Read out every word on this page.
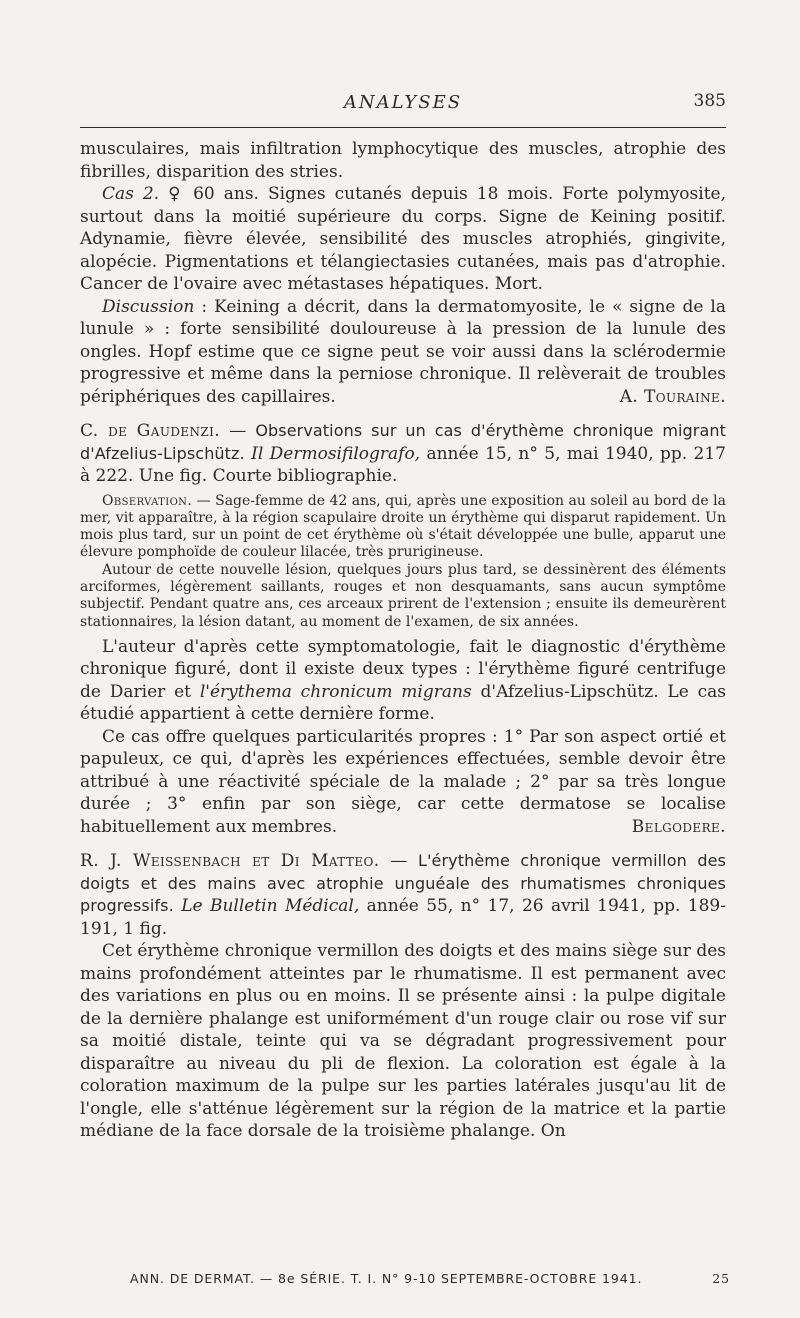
ANALYSES	385

musculaires, mais infiltration lymphocytique des muscles, atrophie des fibrilles, disparition des stries.

Cas 2. ♀ 60 ans. Signes cutanés depuis 18 mois. Forte polymyosite, surtout dans la moitié supérieure du corps. Signe de Keining positif. Adynamie, fièvre élevée, sensibilité des muscles atrophiés, gingivite, alopécie. Pigmentations et télangiectasies cutanées, mais pas d'atrophie. Cancer de l'ovaire avec métastases hépatiques. Mort.

Discussion : Keining a décrit, dans la dermatomyosite, le « signe de la lunule » : forte sensibilité douloureuse à la pression de la lunule des ongles. Hopf estime que ce signe peut se voir aussi dans la sclérodermie progressive et même dans la perniose chronique. Il relèverait de troubles périphériques des capillaires.	A. Touraine.

C. de Gaudenzi. — Observations sur un cas d'érythème chronique migrant d'Afzelius-Lipschütz. Il Dermosifilografo, année 15, n° 5, mai 1940, pp. 217 à 222. Une fig. Courte bibliographie.

Observation. — Sage-femme de 42 ans, qui, après une exposition au soleil au bord de la mer, vit apparaître, à la région scapulaire droite un érythème qui disparut rapidement. Un mois plus tard, sur un point de cet érythème où s'était développée une bulle, apparut une élevure pomphoïde de couleur lilacée, très prurigineuse.

Autour de cette nouvelle lésion, quelques jours plus tard, se dessinèrent des éléments arciformes, légèrement saillants, rouges et non desquamants, sans aucun symptôme subjectif. Pendant quatre ans, ces arceaux prirent de l'extension ; ensuite ils demeurèrent stationnaires, la lésion datant, au moment de l'examen, de six années.

L'auteur d'après cette symptomatologie, fait le diagnostic d'érythème chronique figuré, dont il existe deux types : l'érythème figuré centrifuge de Darier et l'érythema chronicum migrans d'Afzelius-Lipschütz. Le cas étudié appartient à cette dernière forme.

Ce cas offre quelques particularités propres : 1° Par son aspect ortié et papuleux, ce qui, d'après les expériences effectuées, semble devoir être attribué à une réactivité spéciale de la malade ; 2° par sa très longue durée ; 3° enfin par son siège, car cette dermatose se localise habituellement aux membres.	Belgodere.

R. J. Weissenbach et Di Matteo. — L'érythème chronique vermillon des doigts et des mains avec atrophie unguéale des rhumatismes chroniques progressifs. Le Bulletin Médical, année 55, n° 17, 26 avril 1941, pp. 189-191, 1 fig.

Cet érythème chronique vermillon des doigts et des mains siège sur des mains profondément atteintes par le rhumatisme. Il est permanent avec des variations en plus ou en moins. Il se présente ainsi : la pulpe digitale de la dernière phalange est uniformément d'un rouge clair ou rose vif sur sa moitié distale, teinte qui va se dégradant progressivement pour disparaître au niveau du pli de flexion. La coloration est égale à la coloration maximum de la pulpe sur les parties latérales jusqu'au lit de l'ongle, elle s'atténue légèrement sur la région de la matrice et la partie médiane de la face dorsale de la troisième phalange. On

ANN. DE DERMAT. — 8e SÉRIE. T. I. N° 9-10 SEPTEMBRE-OCTOBRE 1941.	25
